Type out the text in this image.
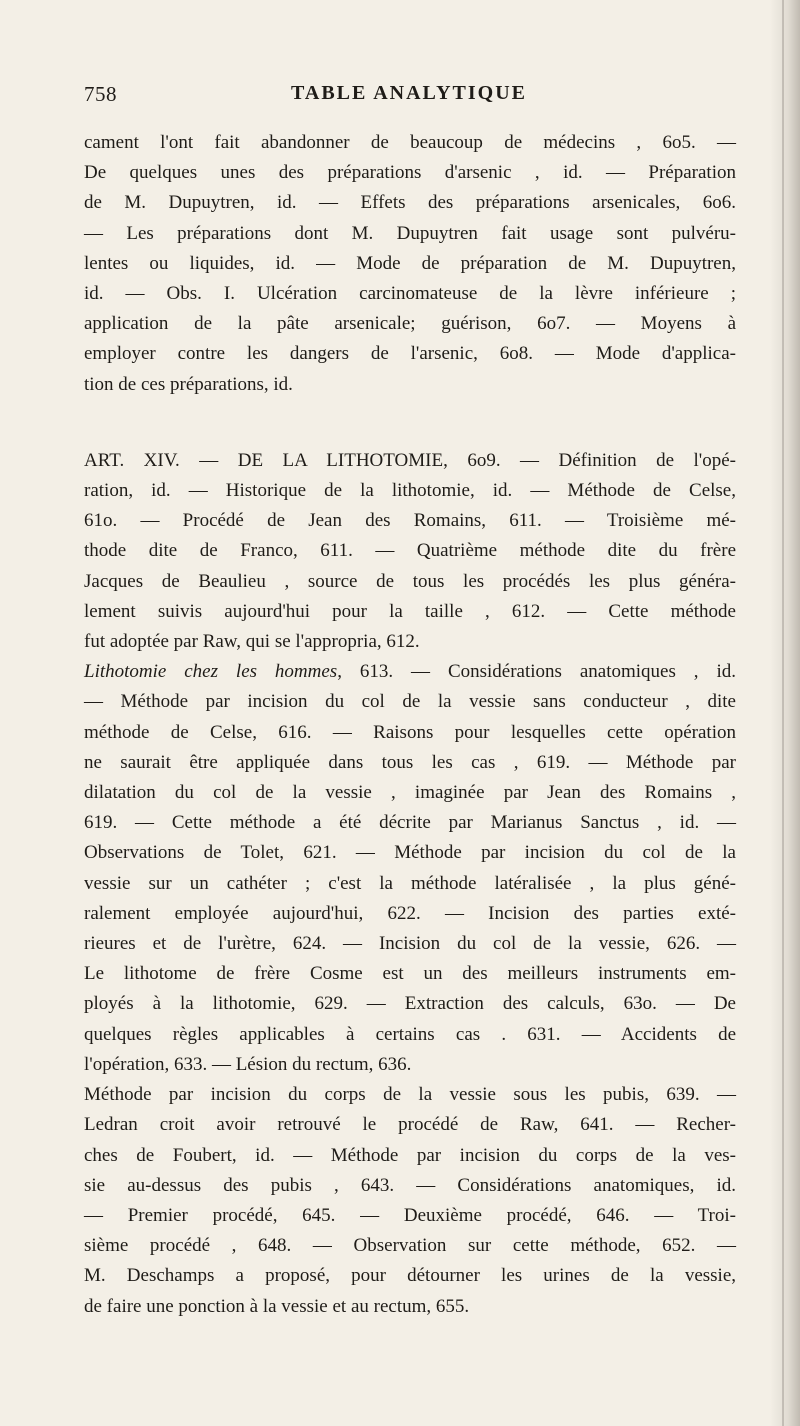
758	TABLE ANALYTIQUE
cament l'ont fait abandonner de beaucoup de médecins , 6o5. —
De quelques unes des préparations d'arsenic , id. — Préparation
de M. Dupuytren, id. — Effets des préparations arsenicales, 6o6.
— Les préparations dont M. Dupuytren fait usage sont pulvéru-
lentes ou liquides, id. — Mode de préparation de M. Dupuytren,
id. — Obs. I. Ulcération carcinomateuse de la lèvre inférieure ;
application de la pâte arsenicale; guérison, 6o7. — Moyens à
employer contre les dangers de l'arsenic, 6o8. — Mode d'applica-
tion de ces préparations, id.
ART. XIV. — DE LA LITHOTOMIE, 6o9. — Définition de l'opé-
ration, id. — Historique de la lithotomie, id. — Méthode de Celse,
61o. — Procédé de Jean des Romains, 611. — Troisième mé-
thode dite de Franco, 611. — Quatrième méthode dite du frère
Jacques de Beaulieu , source de tous les procédés les plus généra-
lement suivis aujourd'hui pour la taille , 612. — Cette méthode
fut adoptée par Raw, qui se l'appropria, 612.
Lithotomie chez les hommes, 613. — Considérations anatomiques , id.
— Méthode par incision du col de la vessie sans conducteur , dite
méthode de Celse, 616. — Raisons pour lesquelles cette opération
ne saurait être appliquée dans tous les cas , 619. — Méthode par
dilatation du col de la vessie , imaginée par Jean des Romains ,
619. — Cette méthode a été décrite par Marianus Sanctus , id. —
Observations de Tolet, 621. — Méthode par incision du col de la
vessie sur un cathéter ; c'est la méthode latéralisée , la plus géné-
ralement employée aujourd'hui, 622. — Incision des parties exté-
rieures et de l'urètre, 624. — Incision du col de la vessie, 626. —
Le lithotome de frère Cosme est un des meilleurs instruments em-
ployés à la lithotomie, 629. — Extraction des calculs, 63o. — De
quelques règles applicables à certains cas . 631. — Accidents de
l'opération, 633. — Lésion du rectum, 636.
Méthode par incision du corps de la vessie sous les pubis, 639. —
Ledran croit avoir retrouvé le procédé de Raw, 641. — Recher-
ches de Foubert, id. — Méthode par incision du corps de la ves-
sie au-dessus des pubis , 643. — Considérations anatomiques, id.
— Premier procédé, 645. — Deuxième procédé, 646. — Troi-
sième procédé , 648. — Observation sur cette méthode, 652. —
M. Deschamps a proposé, pour détourner les urines de la vessie,
de faire une ponction à la vessie et au rectum, 655.
